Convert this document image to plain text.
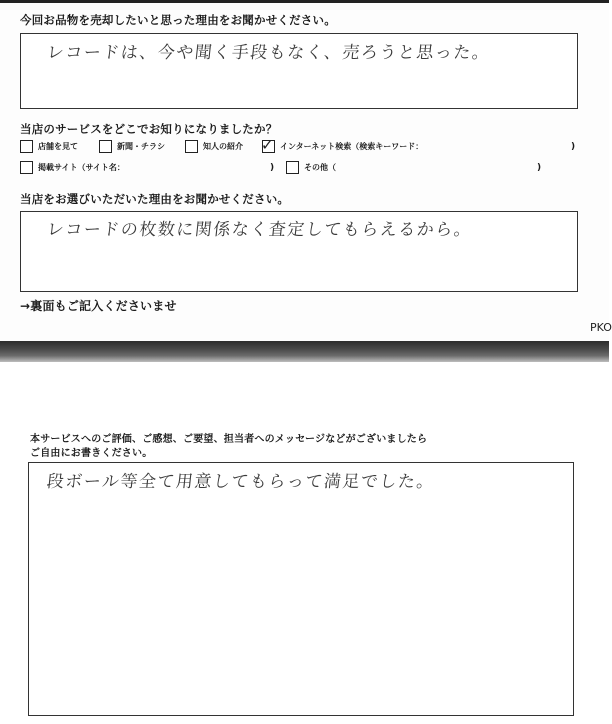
今回お品物を売却したいと思った理由をお聞かせください。
レコードは、今や聞く手段もなく、売ろうと思った。
当店のサービスをどこでお知りになりましたか？
店舗を見て	新聞・チラシ	知人の紹介 ✓ インターネット検索（検索キーワード：	)
掲載サイト（サイト名：	)	その他（	)
当店をお選びいただいた理由をお聞かせください。
レコードの枚数に関係なく査定してもらえるから。
→裏面もご記入くださいませ
PKO
本サービスへのご評価、ご感想、ご要望、担当者へのメッセージなどがございましたら
ご自由にお書きください。
段ボール等全て用意してもらって満足でした。
